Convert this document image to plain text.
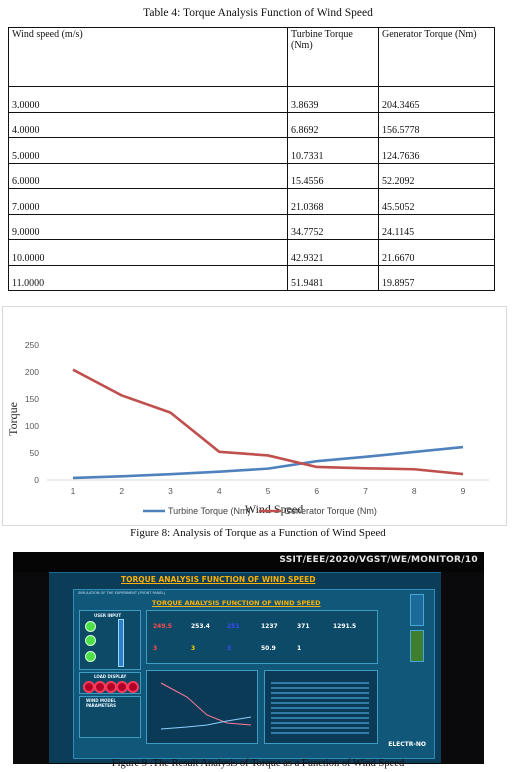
Table 4: Torque Analysis Function of Wind Speed
Wind speed (m/s)	Turbine Torque (Nm)	Generator Torque (Nm)
3.0000	3.8639	204.3465
4.0000	6.8692	156.5778
5.0000	10.7331	124.7636
6.0000	15.4556	52.2092
7.0000	21.0368	45.5052
9.0000	34.7752	24.1145
10.0000	42.9321	21.6670
11.0000	51.9481	19.8957
0
50
100
150
200
250
1	2	3	4	5	6	7	8	9
Torque
Wind Speed
Turbine Torque (Nm)	Generator Torque (Nm)
Figure 8: Analysis of Torque as a Function of Wind Speed
SSIT/EEE/2020/VGST/WE/MONITOR/10
TORQUE ANALYSIS FUNCTION OF WIND SPEED
SIMULATION OF THE EXPERIMENT (FRONT PANEL)
TORQUE ANALYSIS FUNCTION OF WIND SPEED
USER INPUT
LOAD DISPLAY
WIND MODEL PARAMETERS
249.5	253.4	251	1237	371	1291.5
3	3	3	50.9	1
ELECTR-NO
Figure 9 :The Result Analysis of Torque as a Function of Wind Speed
